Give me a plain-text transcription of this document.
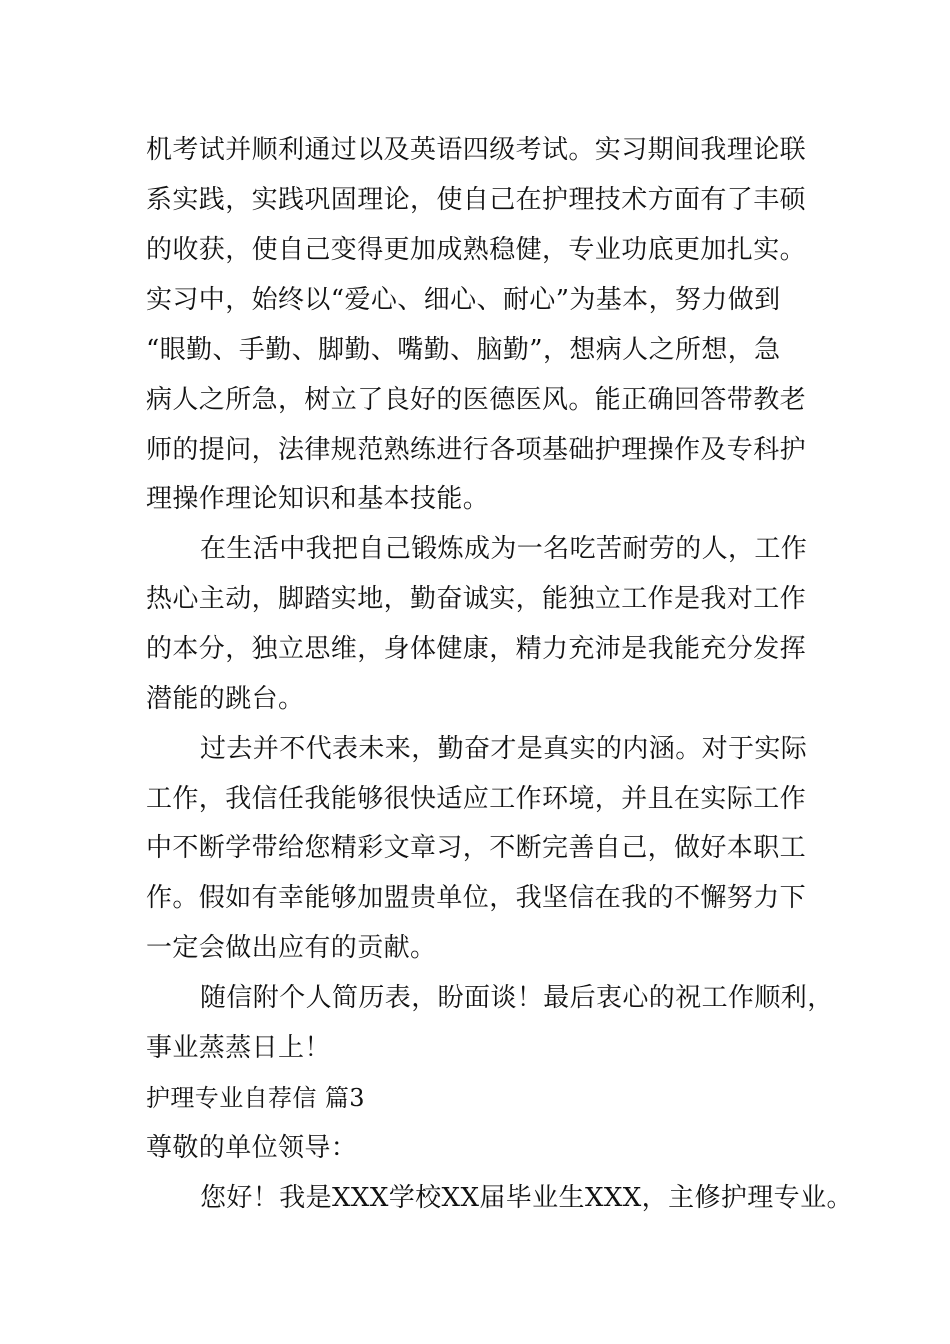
机考试并顺利通过以及英语四级考试。实习期间我理论联
系实践，实践巩固理论，使自己在护理技术方面有了丰硕
的收获，使自己变得更加成熟稳健，专业功底更加扎实。
实习中，始终以“爱心、细心、耐心”为基本，努力做到
“眼勤、手勤、脚勤、嘴勤、脑勤”，想病人之所想，急
病人之所急，树立了良好的医德医风。能正确回答带教老
师的提问，法律规范熟练进行各项基础护理操作及专科护
理操作理论知识和基本技能。
在生活中我把自己锻炼成为一名吃苦耐劳的人，工作
热心主动，脚踏实地，勤奋诚实，能独立工作是我对工作
的本分，独立思维，身体健康，精力充沛是我能充分发挥
潜能的跳台。
过去并不代表未来，勤奋才是真实的内涵。对于实际
工作，我信任我能够很快适应工作环境，并且在实际工作
中不断学带给您精彩文章习，不断完善自己，做好本职工
作。假如有幸能够加盟贵单位，我坚信在我的不懈努力下
一定会做出应有的贡献。
随信附个人简历表，盼面谈！最后衷心的祝工作顺利，
事业蒸蒸日上！
护理专业自荐信 篇3
尊敬的单位领导：
您好！我是XXX学校XX届毕业生XXX，主修护理专业。
